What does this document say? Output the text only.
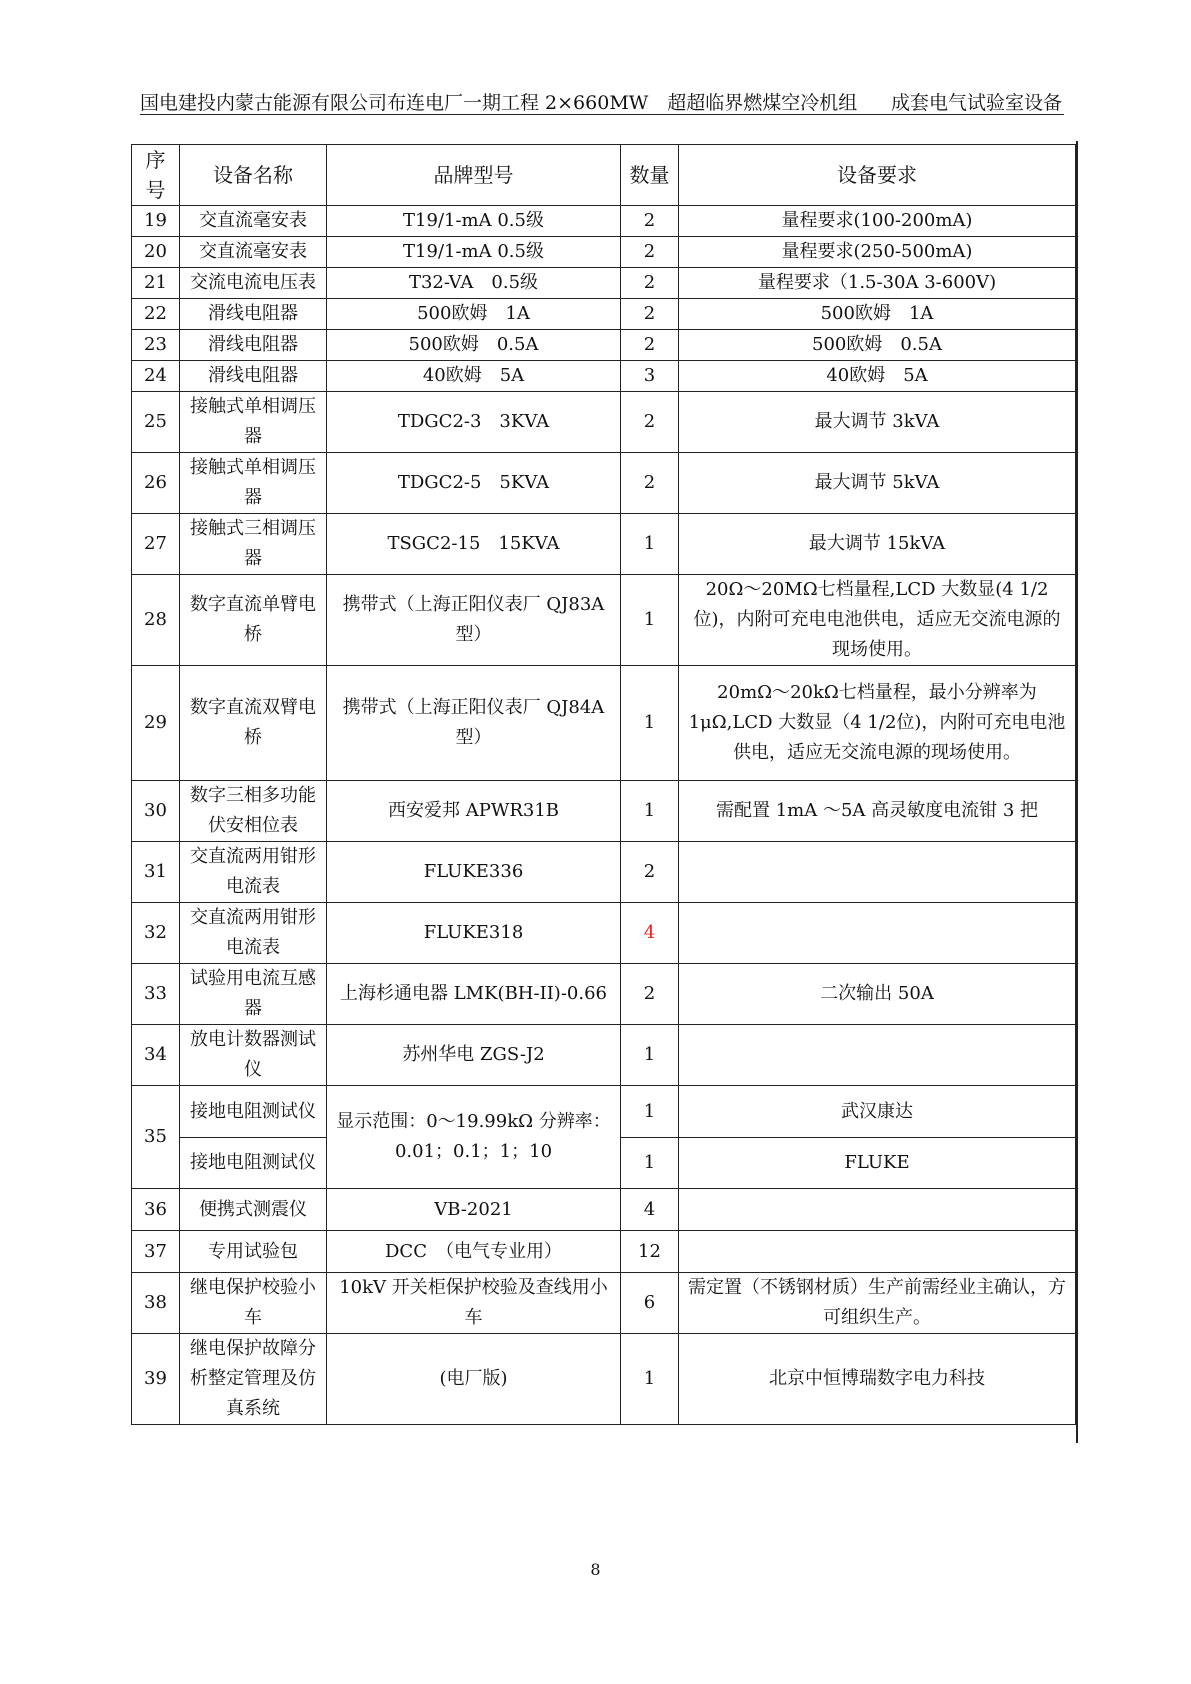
国电建投内蒙古能源有限公司布连电厂一期工程 2×660MW　超超临界燃煤空冷机组 成套电气试验室设备
序号	设备名称	品牌型号	数量	设备要求
19	交直流毫安表	T19/1-mA 0.5级	2	量程要求(100-200mA)
20	交直流毫安表	T19/1-mA 0.5级	2	量程要求(250-500mA)
21	交流电流电压表	T32-VA　0.5级	2	量程要求（1.5-30A 3-600V)
22	滑线电阻器	500欧姆　1A	2	500欧姆　1A
23	滑线电阻器	500欧姆　0.5A	2	500欧姆　0.5A
24	滑线电阻器	40欧姆　5A	3	40欧姆　5A
25	接触式单相调压器	TDGC2-3　3KVA	2	最大调节 3kVA
26	接触式单相调压器	TDGC2-5　5KVA	2	最大调节 5kVA
27	接触式三相调压器	TSGC2-15　15KVA	1	最大调节 15kVA
28	数字直流单臂电桥	携带式（上海正阳仪表厂 QJ83A 型）	1	20Ω～20MΩ七档量程,LCD 大数显(4 1/2位)，内附可充电电池供电，适应无交流电源的现场使用。
29	数字直流双臂电桥	携带式（上海正阳仪表厂 QJ84A 型）	1	20mΩ～20kΩ七档量程，最小分辨率为1μΩ,LCD 大数显（4 1/2位)，内附可充电电池供电，适应无交流电源的现场使用。
30	数字三相多功能伏安相位表	西安爱邦 APWR31B	1	需配置 1mA ～5A 高灵敏度电流钳 3 把
31	交直流两用钳形电流表	FLUKE336	2	
32	交直流两用钳形电流表	FLUKE318	4	
33	试验用电流互感器	上海杉通电器 LMK(BH-II)-0.66	2	二次输出 50A
34	放电计数器测试仪	苏州华电 ZGS-J2	1	
35	接地电阻测试仪	显示范围：0～19.99kΩ 分辨率：0.01；0.1；1；10	1	武汉康达
	接地电阻测试仪		1	FLUKE
36	便携式测震仪	VB-2021	4	
37	专用试验包	DCC　（电气专业用）	12	
38	继电保护校验小车	10kV 开关柜保护校验及查线用小车	6	需定置（不锈钢材质）生产前需经业主确认，方可组织生产。
39	继电保护故障分析整定管理及仿真系统	(电厂版)	1	北京中恒博瑞数字电力科技
8
